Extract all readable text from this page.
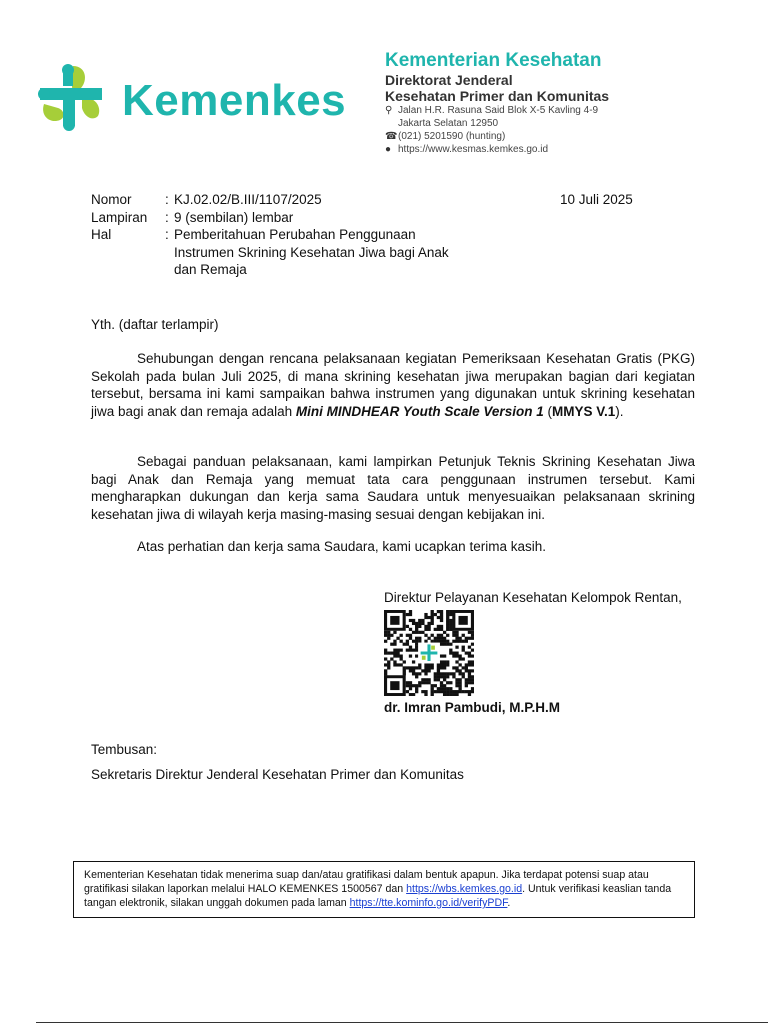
Kemenkes
Kementerian Kesehatan
Direktorat Jenderal
Kesehatan Primer dan Komunitas
⚲ Jalan H.R. Rasuna Said Blok X-5 Kavling 4-9
Jakarta Selatan 12950
☎ (021) 5201590 (hunting)
● https://www.kesmas.kemkes.go.id
Nomor	: KJ.02.02/B.III/1107/2025
Lampiran	: 9 (sembilan) lembar
Hal	: Pemberitahuan Perubahan Penggunaan
Instrumen Skrining Kesehatan Jiwa bagi Anak
dan Remaja
10 Juli 2025
Yth. (daftar terlampir)
Sehubungan dengan rencana pelaksanaan kegiatan Pemeriksaan Kesehatan Gratis (PKG) Sekolah pada bulan Juli 2025, di mana skrining kesehatan jiwa merupakan bagian dari kegiatan tersebut, bersama ini kami sampaikan bahwa instrumen yang digunakan untuk skrining kesehatan jiwa bagi anak dan remaja adalah Mini MINDHEAR Youth Scale Version 1 (MMYS V.1).
Sebagai panduan pelaksanaan, kami lampirkan Petunjuk Teknis Skrining Kesehatan Jiwa bagi Anak dan Remaja yang memuat tata cara penggunaan instrumen tersebut. Kami mengharapkan dukungan dan kerja sama Saudara untuk menyesuaikan pelaksanaan skrining kesehatan jiwa di wilayah kerja masing-masing sesuai dengan kebijakan ini.
Atas perhatian dan kerja sama Saudara, kami ucapkan terima kasih.
Direktur Pelayanan Kesehatan Kelompok Rentan,
dr. Imran Pambudi, M.P.H.M
Tembusan:
Sekretaris Direktur Jenderal Kesehatan Primer dan Komunitas
Kementerian Kesehatan tidak menerima suap dan/atau gratifikasi dalam bentuk apapun. Jika terdapat potensi suap atau gratifikasi silakan laporkan melalui HALO KEMENKES 1500567 dan https://wbs.kemkes.go.id. Untuk verifikasi keaslian tanda tangan elektronik, silakan unggah dokumen pada laman https://tte.kominfo.go.id/verifyPDF.
